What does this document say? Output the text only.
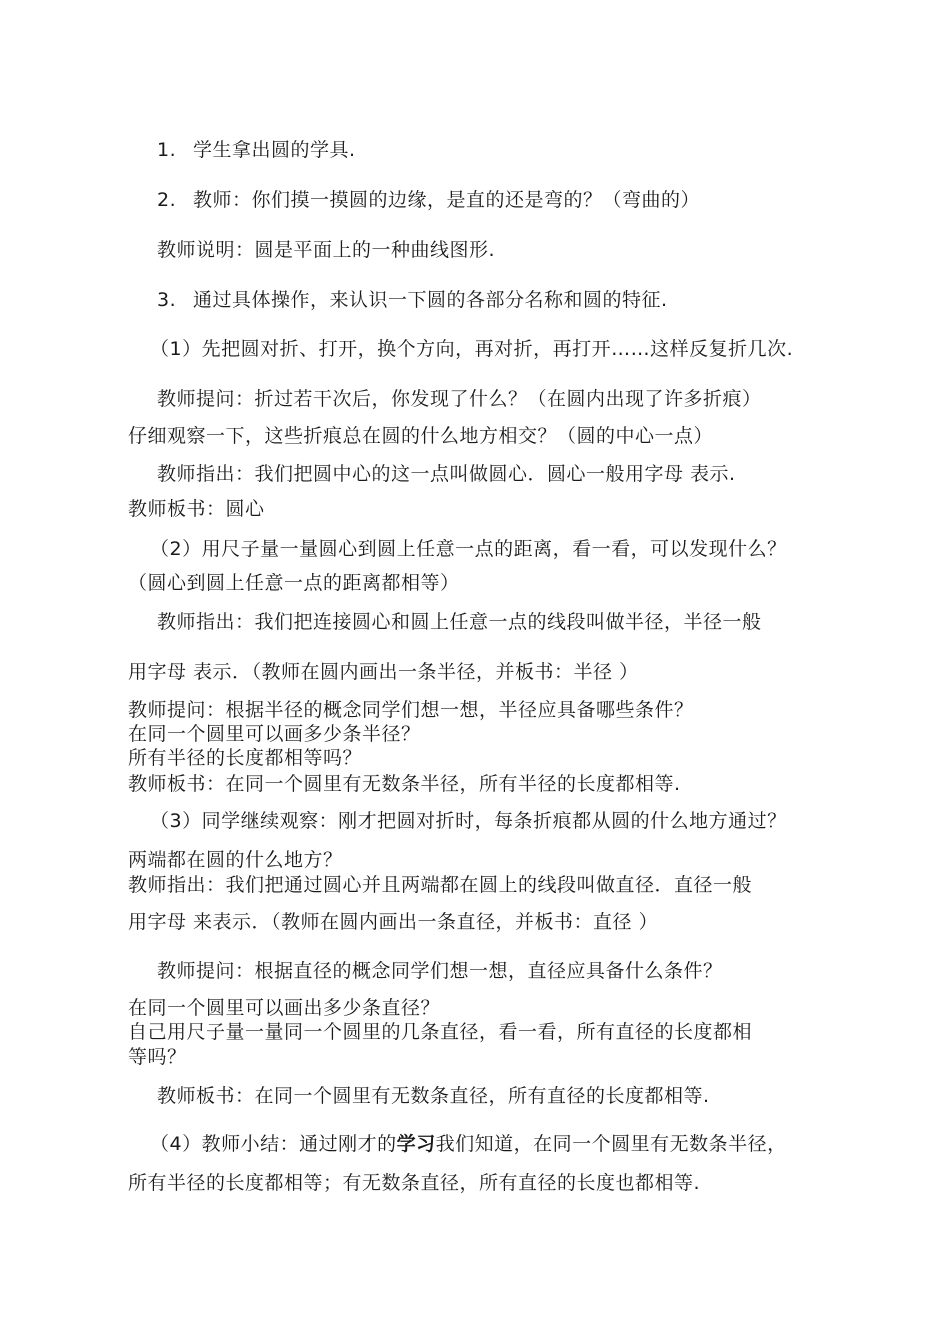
1. 学生拿出圆的学具.
2. 教师：你们摸一摸圆的边缘，是直的还是弯的？（弯曲的）
教师说明：圆是平面上的一种曲线图形.
3. 通过具体操作，来认识一下圆的各部分名称和圆的特征.
（1）先把圆对折、打开，换个方向，再对折，再打开……这样反复折几次.
教师提问：折过若干次后，你发现了什么？（在圆内出现了许多折痕）
仔细观察一下，这些折痕总在圆的什么地方相交？（圆的中心一点）
教师指出：我们把圆中心的这一点叫做圆心．圆心一般用字母 表示.
教师板书：圆心
（2）用尺子量一量圆心到圆上任意一点的距离，看一看，可以发现什么？
（圆心到圆上任意一点的距离都相等）
教师指出：我们把连接圆心和圆上任意一点的线段叫做半径，半径一般
用字母 表示．（教师在圆内画出一条半径，并板书：半径 ）
教师提问：根据半径的概念同学们想一想，半径应具备哪些条件？
在同一个圆里可以画多少条半径？
所有半径的长度都相等吗？
教师板书：在同一个圆里有无数条半径，所有半径的长度都相等.
（3）同学继续观察：刚才把圆对折时，每条折痕都从圆的什么地方通过？
两端都在圆的什么地方？
教师指出：我们把通过圆心并且两端都在圆上的线段叫做直径．直径一般
用字母 来表示．（教师在圆内画出一条直径，并板书：直径 ）
教师提问：根据直径的概念同学们想一想，直径应具备什么条件？
在同一个圆里可以画出多少条直径？
自己用尺子量一量同一个圆里的几条直径，看一看，所有直径的长度都相
等吗？
教师板书：在同一个圆里有无数条直径，所有直径的长度都相等.
（4）教师小结：通过刚才的学习我们知道，在同一个圆里有无数条半径，
所有半径的长度都相等；有无数条直径，所有直径的长度也都相等.
